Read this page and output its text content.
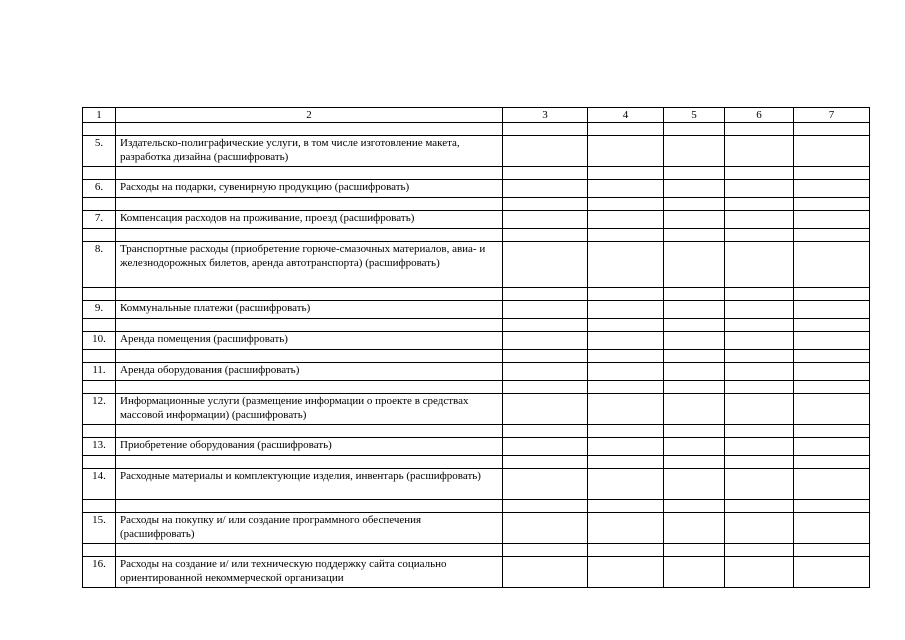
1	2	3	4	5	6	7

5.	Издательско-полиграфические услуги, в том числе изготовление макета, разработка дизайна (расшифровать)					

6.	Расходы на подарки, сувенирную продукцию (расшифровать)					

7.	Компенсация расходов на проживание, проезд (расшифровать)					

8.	Транспортные расходы (приобретение горюче-смазочных материалов, авиа- и железнодорожных билетов, аренда автотранспорта) (расшифровать)					

9.	Коммунальные платежи (расшифровать)					

10.	Аренда помещения (расшифровать)					

11.	Аренда оборудования (расшифровать)					

12.	Информационные услуги (размещение информации о проекте в средствах массовой информации) (расшифровать)					

13.	Приобретение оборудования (расшифровать)					

14.	Расходные материалы и комплектующие изделия, инвентарь (расшифровать)					

15.	Расходы на покупку и/ или создание программного обеспечения (расшифровать)					

16.	Расходы на создание и/ или техническую поддержку сайта социально ориентированной некоммерческой организации					
